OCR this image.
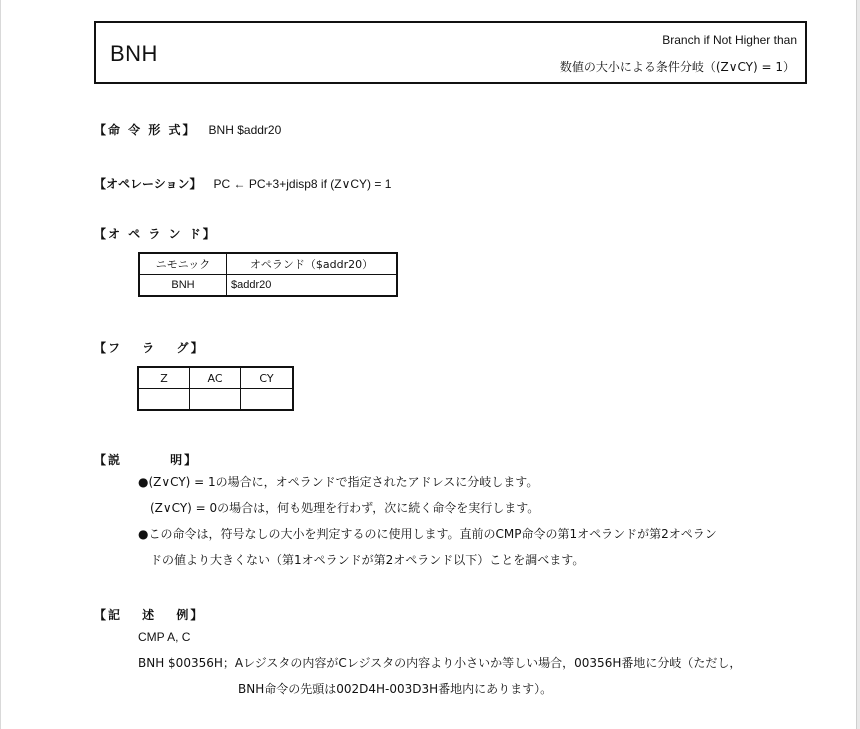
BNH
Branch if Not Higher than
数値の大小による条件分岐（(Z∨CY) = 1）
【命 令 形 式】 BNH $addr20
【オペレーション】 PC ← PC+3+jdisp8 if (Z∨CY) = 1
【オ ペ ラ ン ド】
ニモニック	オペランド（$addr20）
BNH	$addr20
【フ　 ラ 　グ】
Z	AC	CY

【説　　　 明】
●(Z∨CY) = 1の場合に，オペランドで指定されたアドレスに分岐します。
　(Z∨CY) = 0の場合は，何も処理を行わず，次に続く命令を実行します。
●この命令は，符号なしの大小を判定するのに使用します。直前のCMP命令の第1オペランドが第2オペラン
　ドの値より大きくない（第1オペランドが第2オペランド以下）ことを調べます。
【記　 述 　例】
CMP A, C
BNH $00356H；Aレジスタの内容がCレジスタの内容より小さいか等しい場合，00356H番地に分岐（ただし，
BNH命令の先頭は002D4H-003D3H番地内にあります）。
